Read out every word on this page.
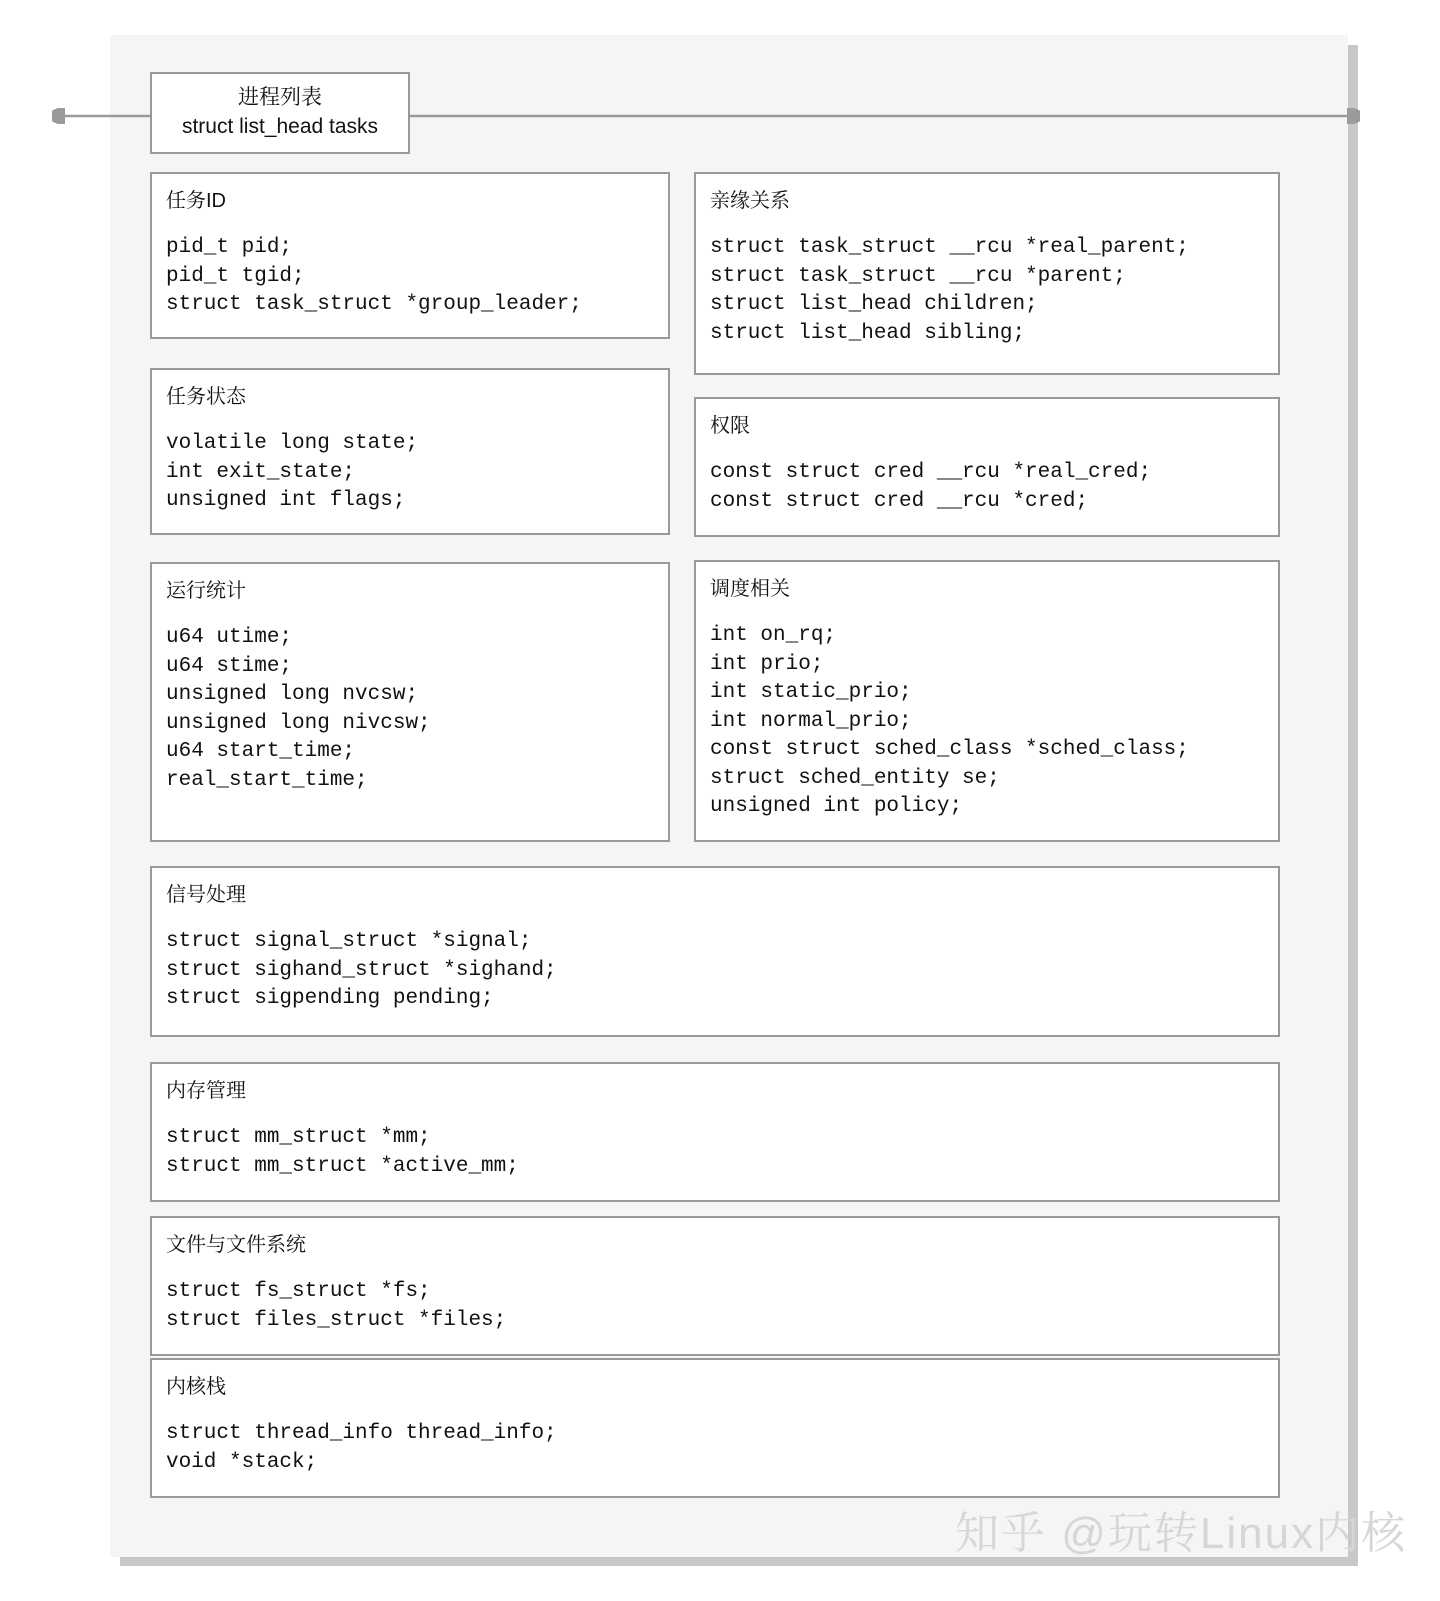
进程列表
struct list_head tasks
任务ID
pid_t pid;
pid_t tgid;
struct task_struct *group_leader;
任务状态
volatile long state;
int exit_state;
unsigned int flags;
运行统计
u64 utime;
u64 stime;
unsigned long nvcsw;
unsigned long nivcsw;
u64 start_time;
real_start_time;
亲缘关系
struct task_struct __rcu *real_parent;
struct task_struct __rcu *parent;
struct list_head children;
struct list_head sibling;
权限
const struct cred __rcu *real_cred;
const struct cred __rcu *cred;
调度相关
int on_rq;
int prio;
int static_prio;
int normal_prio;
const struct sched_class *sched_class;
struct sched_entity se;
unsigned int policy;
信号处理
struct signal_struct *signal;
struct sighand_struct *sighand;
struct sigpending pending;
内存管理
struct mm_struct *mm;
struct mm_struct *active_mm;
文件与文件系统
struct fs_struct *fs;
struct files_struct *files;
内核栈
struct thread_info thread_info;
void *stack;
知乎 @玩转Linux内核
